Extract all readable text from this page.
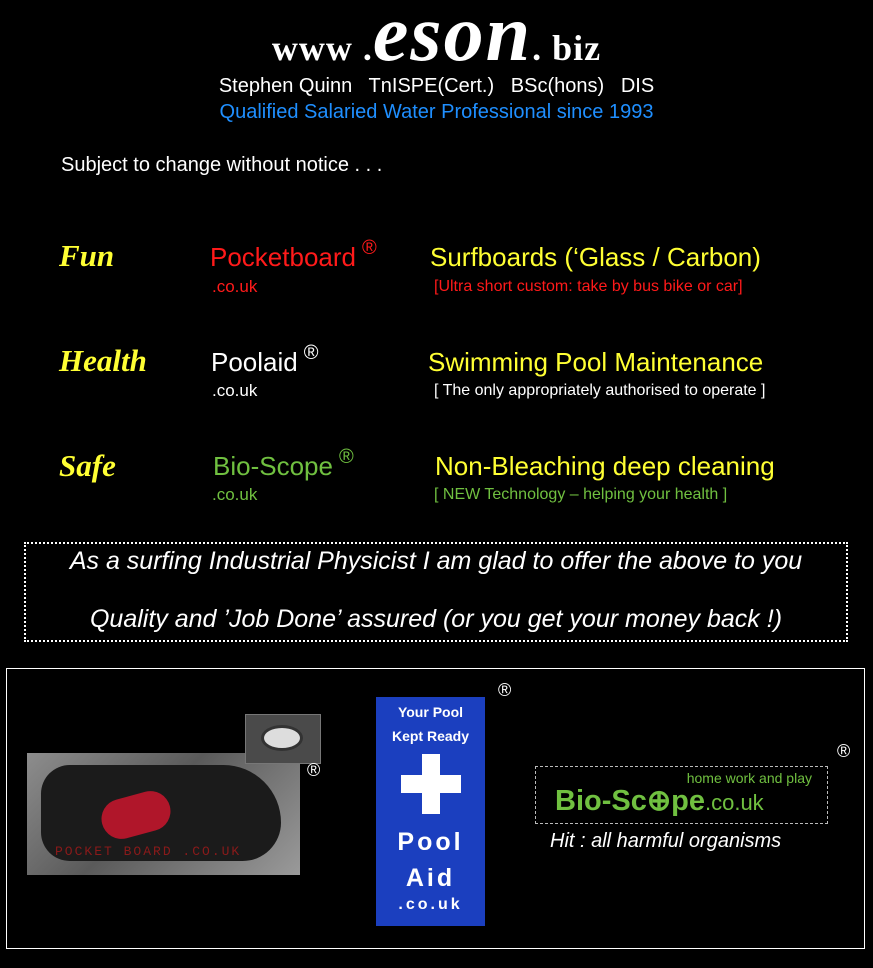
www .eson. biz
Stephen Quinn   TnISPE(Cert.)   BSc(hons)   DIS
Qualified Salaried Water Professional since 1993
Subject to change without notice . . .
Fun	Pocketboard ®
.co.uk
Surfboards (‘Glass / Carbon)
[Ultra short custom: take by bus bike or car]
Health Poolaid ®
.co.uk
Swimming Pool Maintenance
[ The only appropriately authorised to operate ]
Safe	Bio-Scope ®
.co.uk
Non-Bleaching deep cleaning
[ NEW Technology – helping your health ]
As a surfing Industrial Physicist I am glad to offer the above to you
Quality and ’Job Done’ assured (or you get your money back !)
POCKET BOARD .CO.UK
®
Your Pool
Kept Ready
Pool
Aid
.co.uk
®
home work and play
Bio-Sc⊕pe.co.uk
Hit : all harmful organisms
®
